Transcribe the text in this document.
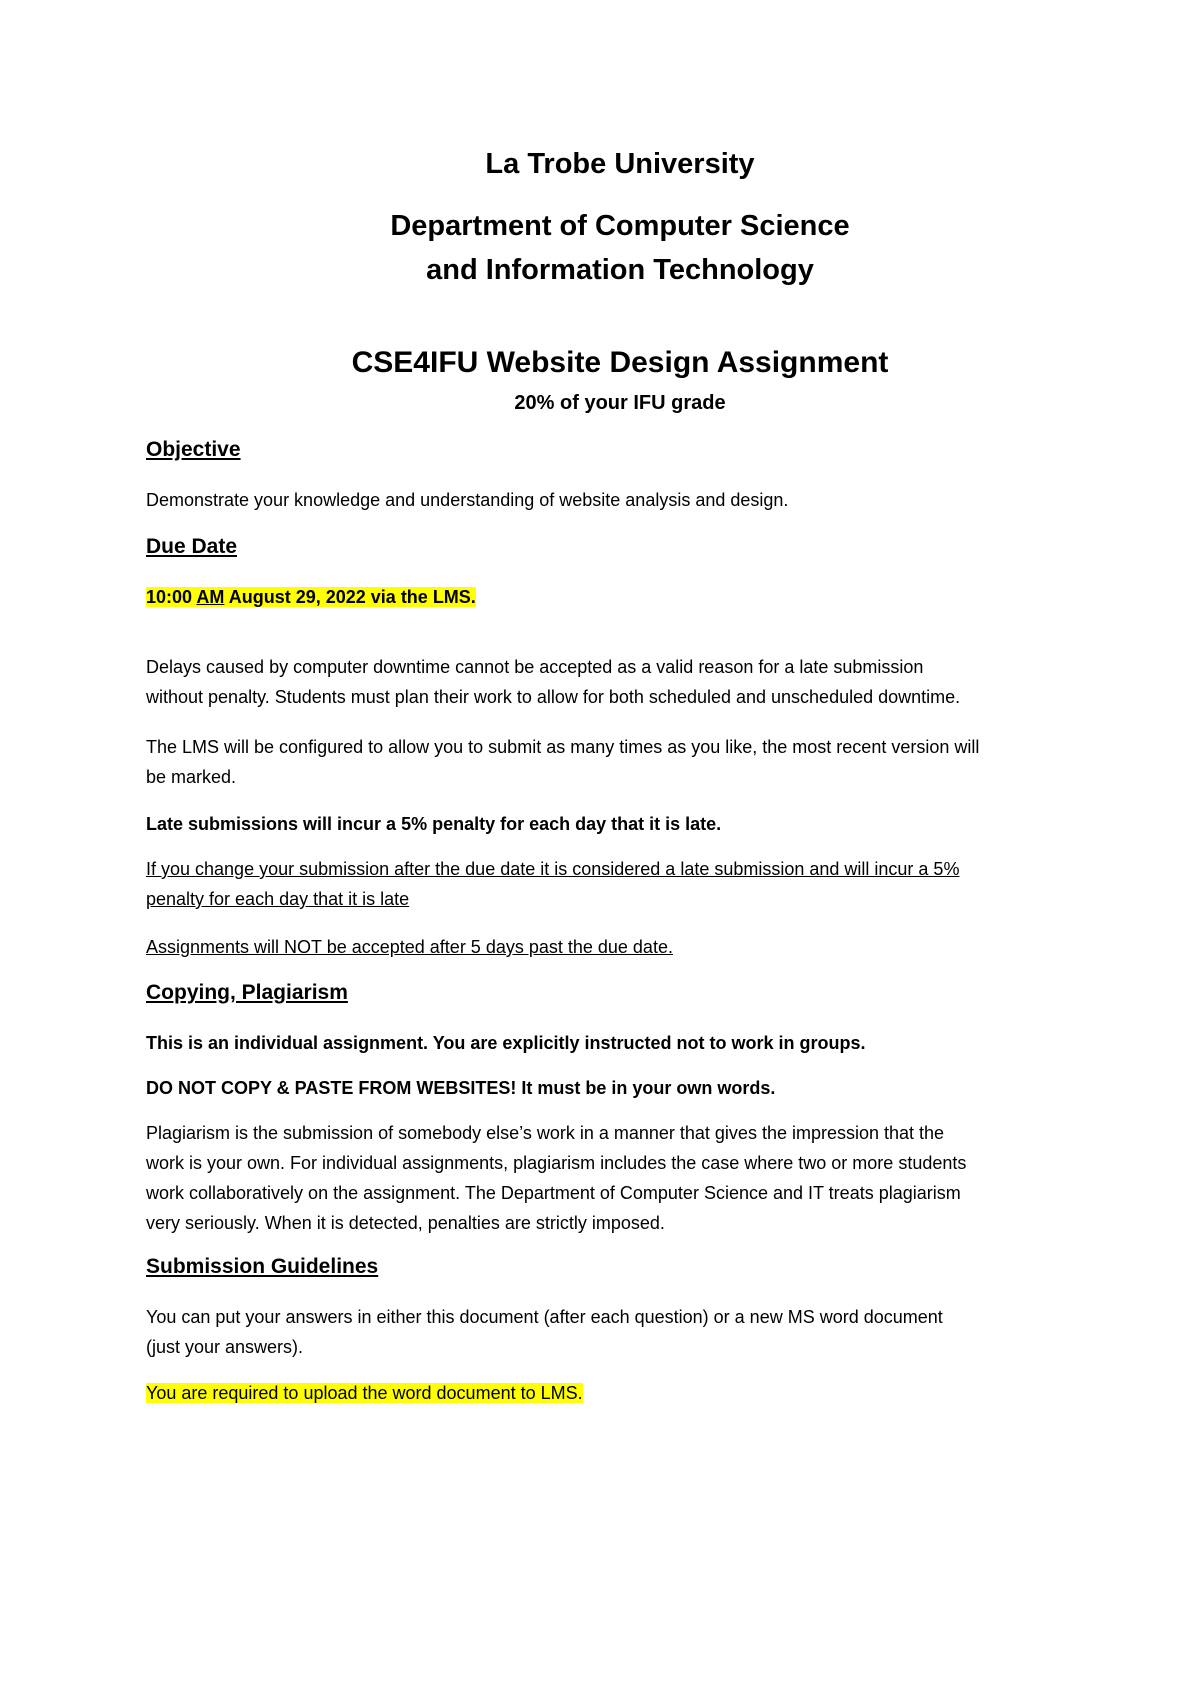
La Trobe University
Department of Computer Science
and Information Technology
CSE4IFU Website Design Assignment
20% of your IFU grade
Objective
Demonstrate your knowledge and understanding of website analysis and design.
Due Date
10:00 AM August 29, 2022 via the LMS.
Delays caused by computer downtime cannot be accepted as a valid reason for a late submission
without penalty. Students must plan their work to allow for both scheduled and unscheduled downtime.
The LMS will be configured to allow you to submit as many times as you like, the most recent version will
be marked.
Late submissions will incur a 5% penalty for each day that it is late.
If you change your submission after the due date it is considered a late submission and will incur a 5%
penalty for each day that it is late
Assignments will NOT be accepted after 5 days past the due date.
Copying, Plagiarism
This is an individual assignment. You are explicitly instructed not to work in groups.
DO NOT COPY & PASTE FROM WEBSITES! It must be in your own words.
Plagiarism is the submission of somebody else’s work in a manner that gives the impression that the
work is your own. For individual assignments, plagiarism includes the case where two or more students
work collaboratively on the assignment. The Department of Computer Science and IT treats plagiarism
very seriously. When it is detected, penalties are strictly imposed.
Submission Guidelines
You can put your answers in either this document (after each question) or a new MS word document
(just your answers).
You are required to upload the word document to LMS.
